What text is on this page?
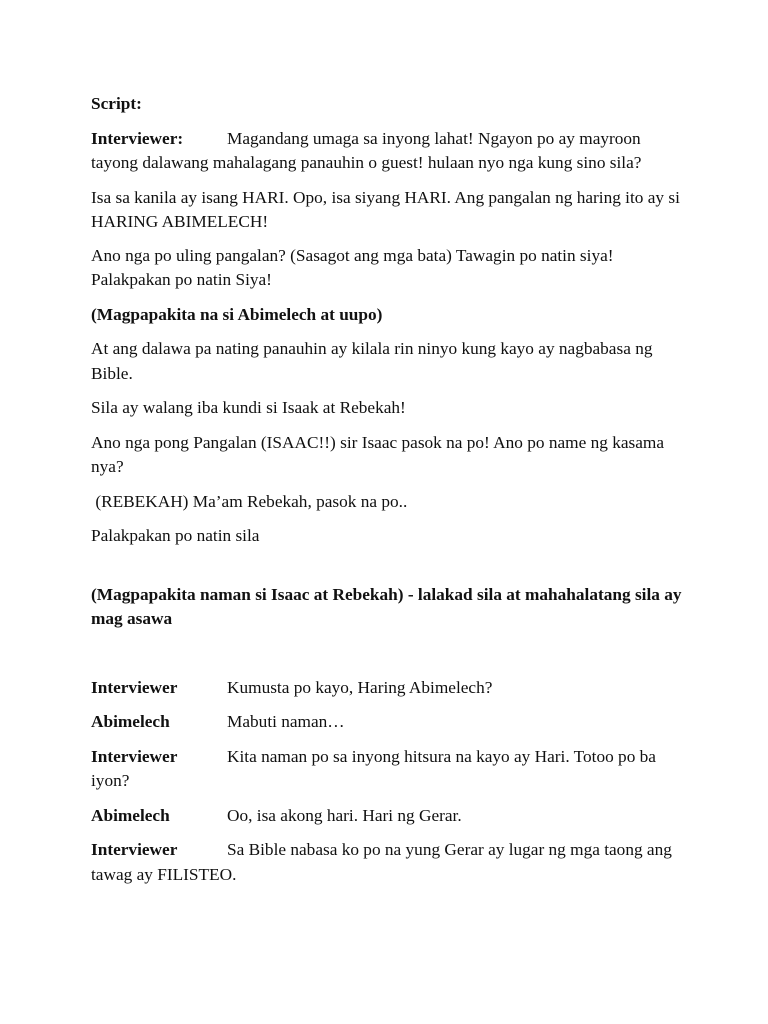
Script:

Interviewer:	Magandang umaga sa inyong lahat! Ngayon po ay mayroon tayong dalawang mahalagang panauhin o guest! hulaan nyo nga kung sino sila?

Isa sa kanila ay isang HARI. Opo, isa siyang HARI. Ang pangalan ng haring ito ay si HARING ABIMELECH!

Ano nga po uling pangalan? (Sasagot ang mga bata) Tawagin po natin siya! Palakpakan po natin Siya!

(Magpapakita na si Abimelech at uupo)

At ang dalawa pa nating panauhin ay kilala rin ninyo kung kayo ay nagbabasa ng Bible.

Sila ay walang iba kundi si Isaak at Rebekah!

Ano nga pong Pangalan (ISAAC!!) sir Isaac pasok na po! Ano po name ng kasama nya?

(REBEKAH) Ma’am Rebekah, pasok na po..

Palakpakan po natin sila

(Magpapakita naman si Isaac at Rebekah) - lalakad sila at mahahalatang sila ay mag asawa

Interviewer	Kumusta po kayo, Haring Abimelech?

Abimelech	Mabuti naman…

Interviewer	Kita naman po sa inyong hitsura na kayo ay Hari. Totoo po ba iyon?

Abimelech	Oo, isa akong hari. Hari ng Gerar.

Interviewer	Sa Bible nabasa ko po na yung Gerar ay lugar ng mga taong ang tawag ay FILISTEO.
